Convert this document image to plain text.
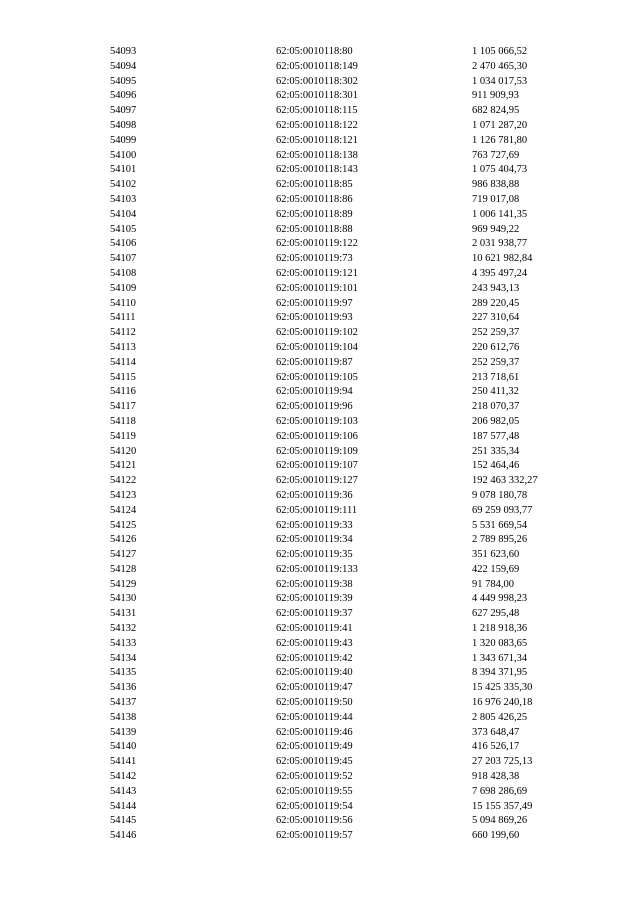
54093	62:05:0010118:80	1 105 066,52
54094	62:05:0010118:149	2 470 465,30
54095	62:05:0010118:302	1 034 017,53
54096	62:05:0010118:301	911 909,93
54097	62:05:0010118:115	682 824,95
54098	62:05:0010118:122	1 071 287,20
54099	62:05:0010118:121	1 126 781,80
54100	62:05:0010118:138	763 727,69
54101	62:05:0010118:143	1 075 404,73
54102	62:05:0010118:85	986 838,88
54103	62:05:0010118:86	719 017,08
54104	62:05:0010118:89	1 006 141,35
54105	62:05:0010118:88	969 949,22
54106	62:05:0010119:122	2 031 938,77
54107	62:05:0010119:73	10 621 982,84
54108	62:05:0010119:121	4 395 497,24
54109	62:05:0010119:101	243 943,13
54110	62:05:0010119:97	289 220,45
54111	62:05:0010119:93	227 310,64
54112	62:05:0010119:102	252 259,37
54113	62:05:0010119:104	220 612,76
54114	62:05:0010119:87	252 259,37
54115	62:05:0010119:105	213 718,61
54116	62:05:0010119:94	250 411,32
54117	62:05:0010119:96	218 070,37
54118	62:05:0010119:103	206 982,05
54119	62:05:0010119:106	187 577,48
54120	62:05:0010119:109	251 335,34
54121	62:05:0010119:107	152 464,46
54122	62:05:0010119:127	192 463 332,27
54123	62:05:0010119:36	9 078 180,78
54124	62:05:0010119:111	69 259 093,77
54125	62:05:0010119:33	5 531 669,54
54126	62:05:0010119:34	2 789 895,26
54127	62:05:0010119:35	351 623,60
54128	62:05:0010119:133	422 159,69
54129	62:05:0010119:38	91 784,00
54130	62:05:0010119:39	4 449 998,23
54131	62:05:0010119:37	627 295,48
54132	62:05:0010119:41	1 218 918,36
54133	62:05:0010119:43	1 320 083,65
54134	62:05:0010119:42	1 343 671,34
54135	62:05:0010119:40	8 394 371,95
54136	62:05:0010119:47	15 425 335,30
54137	62:05:0010119:50	16 976 240,18
54138	62:05:0010119:44	2 805 426,25
54139	62:05:0010119:46	373 648,47
54140	62:05:0010119:49	416 526,17
54141	62:05:0010119:45	27 203 725,13
54142	62:05:0010119:52	918 428,38
54143	62:05:0010119:55	7 698 286,69
54144	62:05:0010119:54	15 155 357,49
54145	62:05:0010119:56	5 094 869,26
54146	62:05:0010119:57	660 199,60
